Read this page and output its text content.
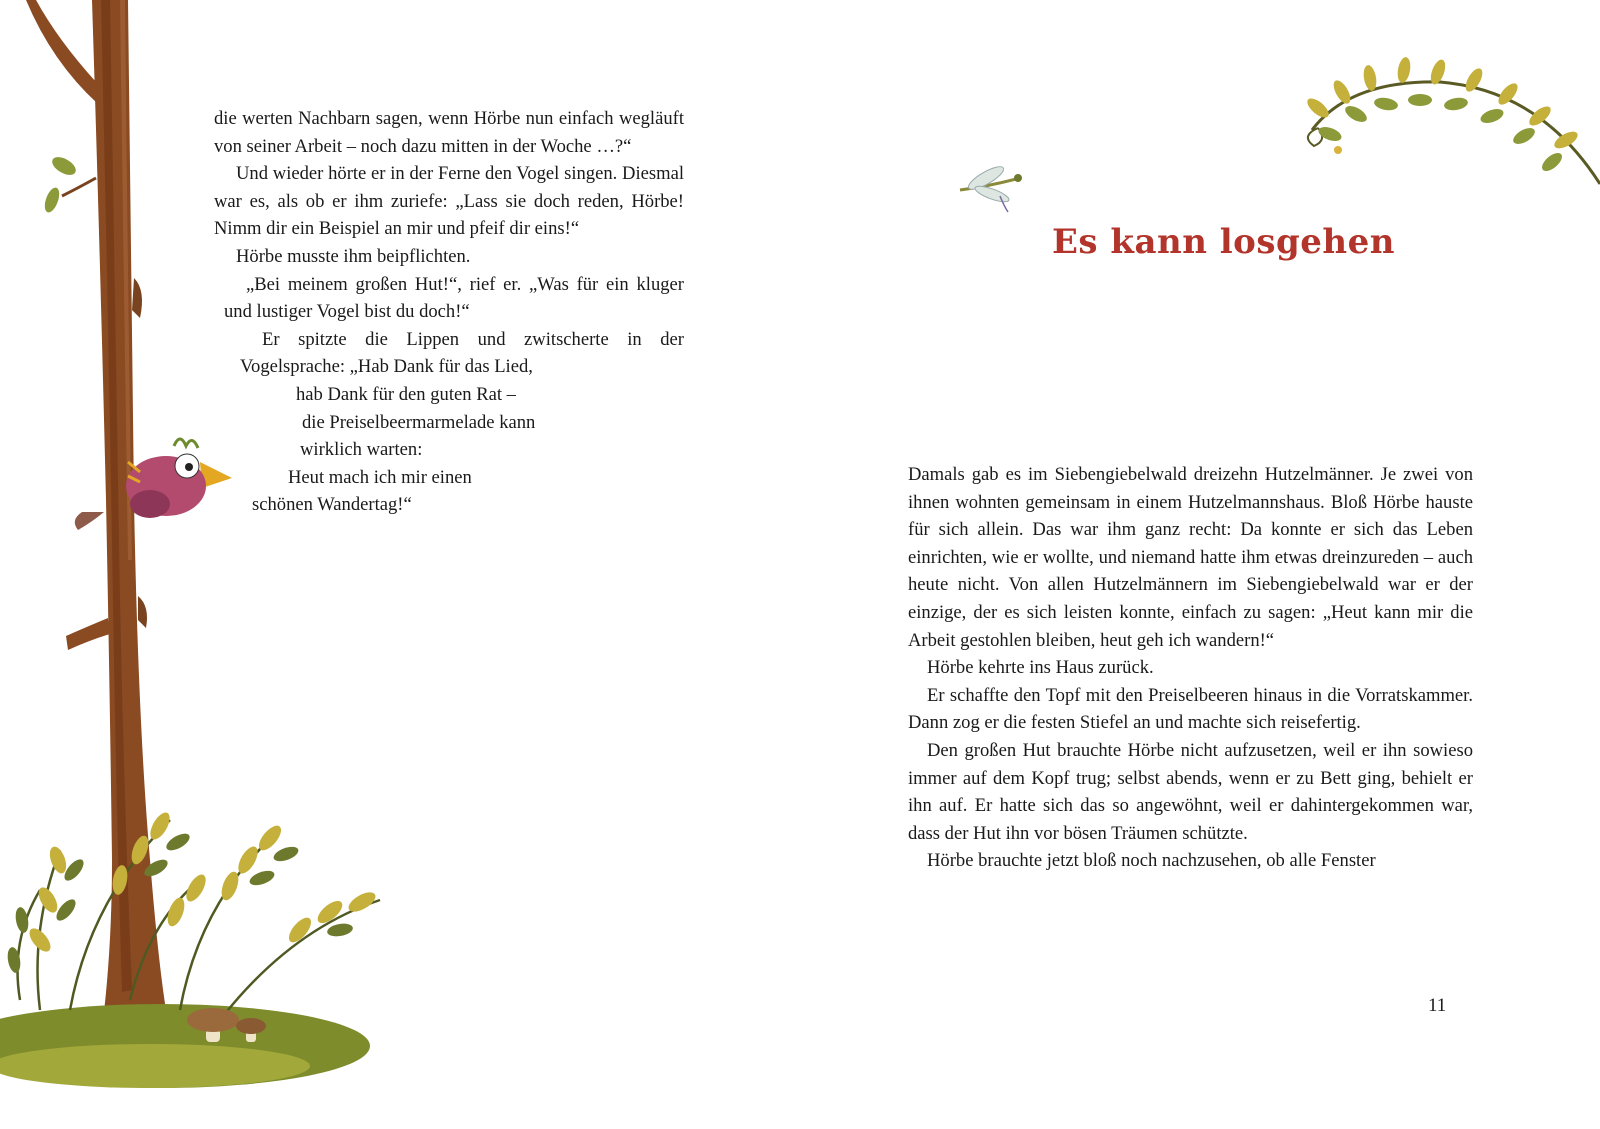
die werten Nachbarn sagen, wenn Hörbe nun einfach wegläuft von seiner Arbeit – noch dazu mitten in der Woche …?“

Und wieder hörte er in der Ferne den Vogel singen. Diesmal war es, als ob er ihm zuriefe: „Lass sie doch reden, Hörbe! Nimm dir ein Beispiel an mir und pfeif dir eins!“

Hörbe musste ihm beipflichten.

„Bei meinem großen Hut!“, rief er. „Was für ein kluger und lustiger Vogel bist du doch!“

Er spitzte die Lippen und zwitscherte in der Vogelsprache: „Hab Dank für das Lied,

hab Dank für den guten Rat –

die Preiselbeermarmelade kann

wirklich warten:

Heut mach ich mir einen

schönen Wandertag!“

Es kann losgehen

Damals gab es im Siebengiebelwald dreizehn Hutzelmänner. Je zwei von ihnen wohnten gemeinsam in einem Hutzelmannshaus. Bloß Hörbe hauste für sich allein. Das war ihm ganz recht: Da konnte er sich das Leben einrichten, wie er wollte, und niemand hatte ihm etwas dreinzureden – auch heute nicht. Von allen Hutzelmännern im Siebengiebelwald war er der einzige, der es sich leisten konnte, einfach zu sagen: „Heut kann mir die Arbeit gestohlen bleiben, heut geh ich wandern!“

Hörbe kehrte ins Haus zurück.

Er schaffte den Topf mit den Preiselbeeren hinaus in die Vorratskammer. Dann zog er die festen Stiefel an und machte sich reisefertig.

Den großen Hut brauchte Hörbe nicht aufzusetzen, weil er ihn sowieso immer auf dem Kopf trug; selbst abends, wenn er zu Bett ging, behielt er ihn auf. Er hatte sich das so angewöhnt, weil er dahintergekommen war, dass der Hut ihn vor bösen Träumen schützte.

Hörbe brauchte jetzt bloß noch nachzusehen, ob alle Fenster

11
